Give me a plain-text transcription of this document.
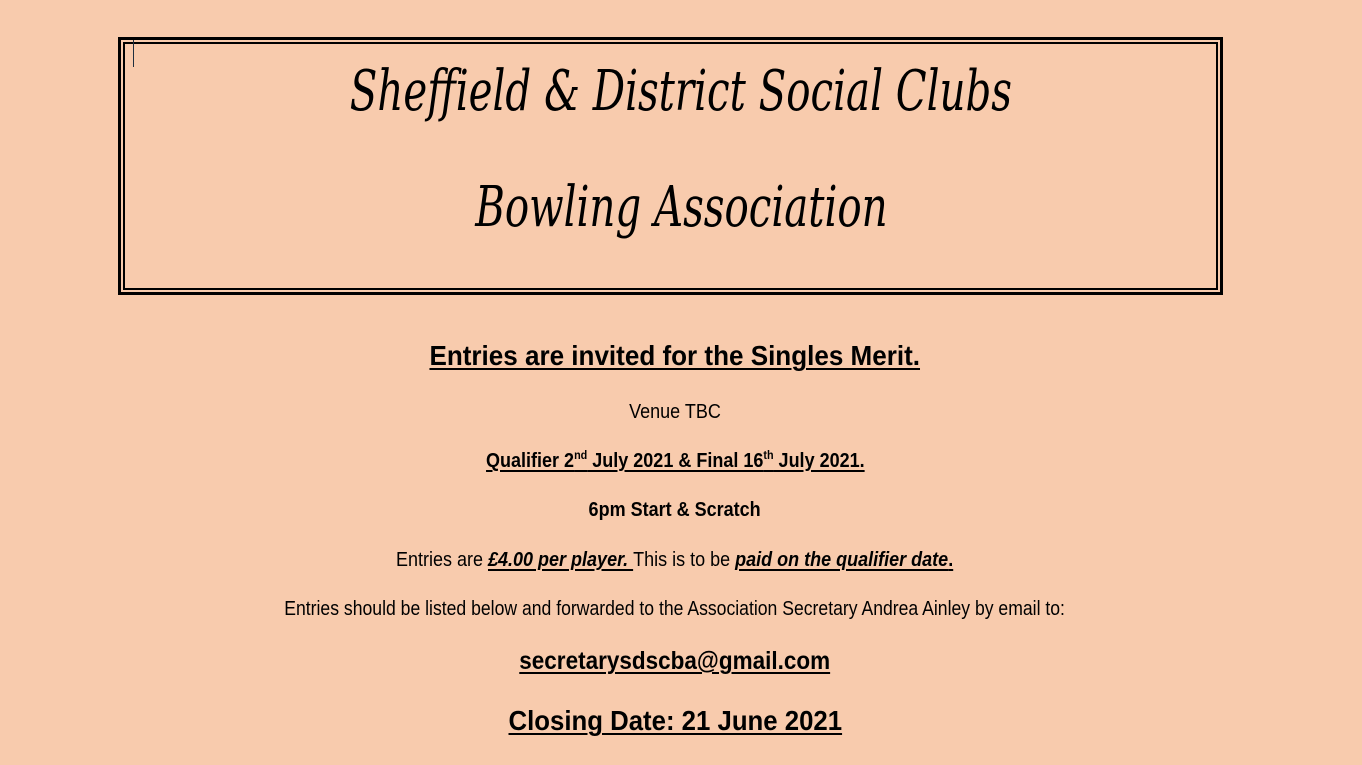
Sheffield & District Social Clubs
Bowling Association
Entries are invited for the Singles Merit.
Venue TBC
Qualifier 2nd July 2021 & Final 16th July 2021.
6pm Start & Scratch
Entries are £4.00 per player. This is to be paid on the qualifier date.
Entries should be listed below and forwarded to the Association Secretary Andrea Ainley by email to:
secretarysdscba@gmail.com
Closing Date: 21 June 2021
